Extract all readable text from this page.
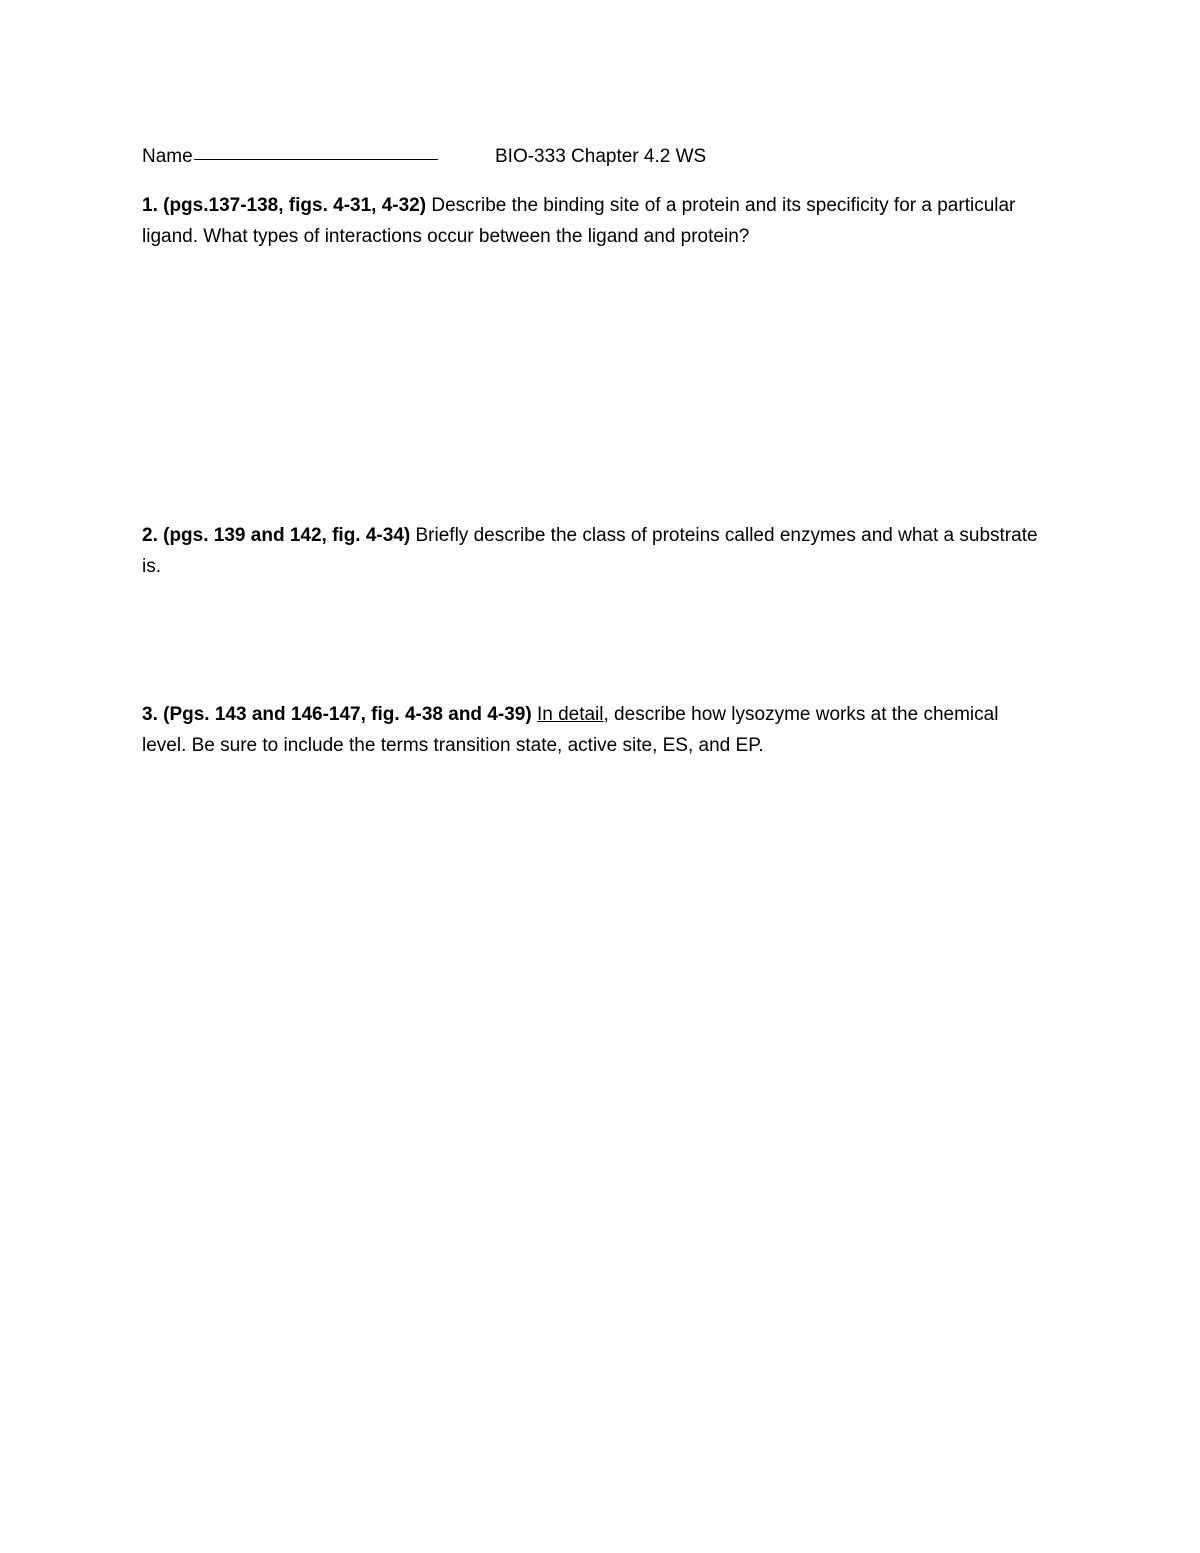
Name	BIO-333 Chapter 4.2 WS
1. (pgs.137-138, figs. 4-31, 4-32) Describe the binding site of a protein and its specificity for a particular
ligand. What types of interactions occur between the ligand and protein?
2. (pgs. 139 and 142, fig. 4-34) Briefly describe the class of proteins called enzymes and what a substrate
is.
3. (Pgs. 143 and 146-147, fig. 4-38 and 4-39) In detail, describe how lysozyme works at the chemical
level. Be sure to include the terms transition state, active site, ES, and EP.
